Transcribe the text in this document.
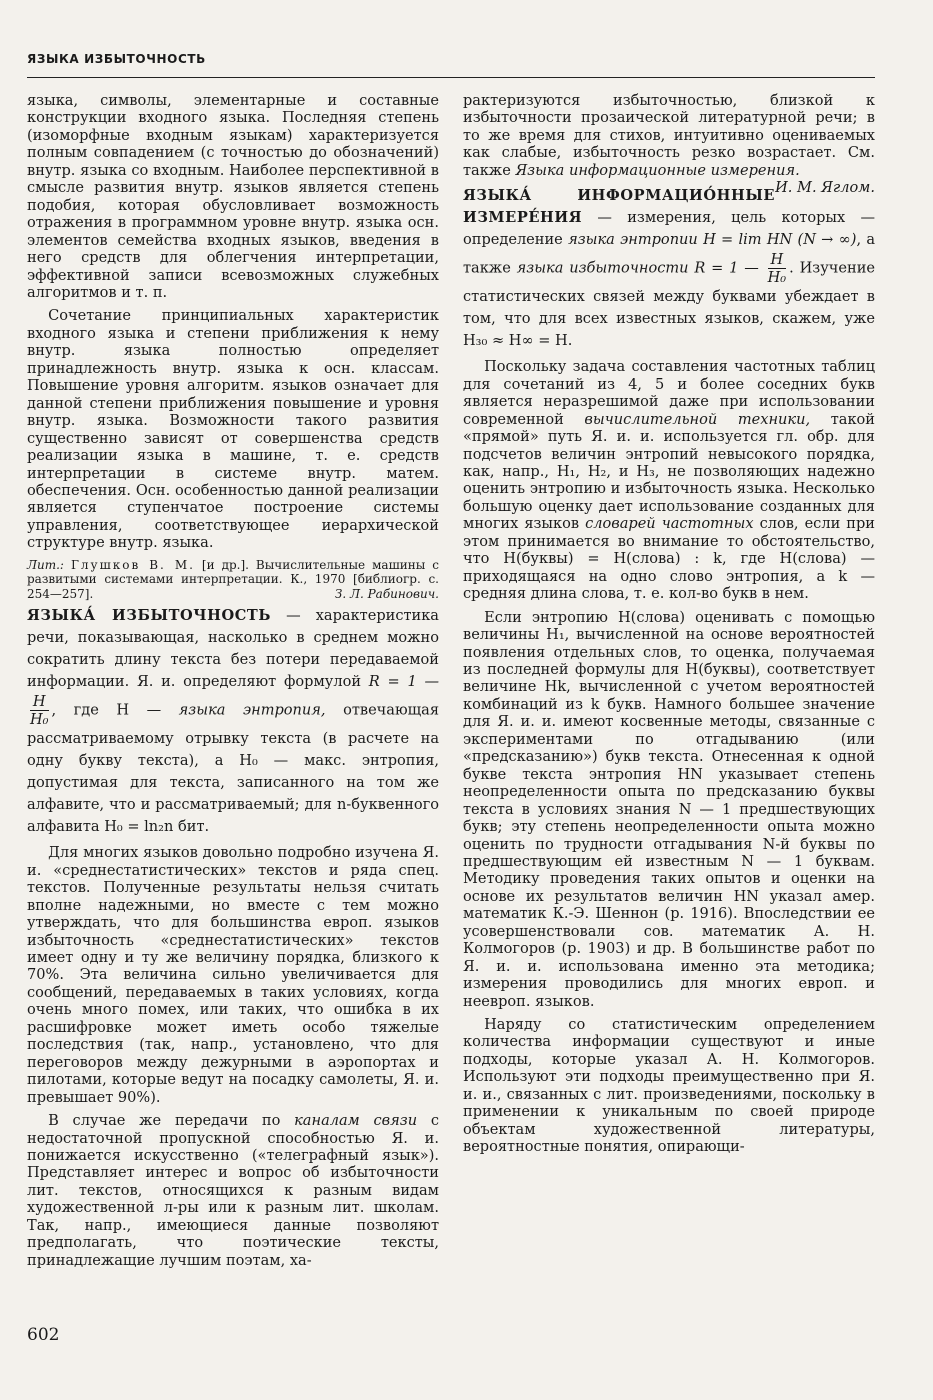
ЯЗЫКА ИЗБЫТОЧНОСТЬ

языка, символы, элементарные и составные конструкции входного языка. Последняя степень (изоморфные входным языкам) характеризуется полным совпадением (с точностью до обозначений) внутр. языка со входным. Наиболее перспективной в смысле развития внутр. языков является степень подобия, которая обусловливает возможность отражения в программном уровне внутр. языка осн. элементов семейства входных языков, введения в него средств для облегчения интерпретации, эффективной записи всевозможных служебных алгоритмов и т. п.

Сочетание принципиальных характеристик входного языка и степени приближения к нему внутр. языка полностью определяет принадлежность внутр. языка к осн. классам. Повышение уровня алгоритм. языков означает для данной степени приближения повышение и уровня внутр. языка. Возможности такого развития существенно зависят от совершенства средств реализации языка в машине, т. е. средств интерпретации в системе внутр. матем. обеспечения. Осн. особенностью данной реализации является ступенчатое построение системы управления, соответствующее иерархической структуре внутр. языка.

Лит.: Глушков В. М. [и др.]. Вычислительные машины с развитыми системами интерпретации. К., 1970 [библиогр. с. 254—257].	З. Л. Рабинович.

ЯЗЫКА́ ИЗБЫТОЧНОСТЬ — характеристика речи, показывающая, насколько в среднем можно сократить длину текста без потери передаваемой информации. Я. и. определяют формулой R = 1 —
$\frac{H}{\text{H₀}}$ , где H — языка энтропия, отвечающая рассматриваемому отрывку текста (в расчете на одну букву текста), а H₀ — макс. энтропия, допустимая для текста, записанного на том же алфавите, что и рассматриваемый; для n-буквенного алфавита H₀ = ln₂n бит.

Для многих языков довольно подробно изучена Я. и. «среднестатистических» текстов и ряда спец. текстов. Полученные результаты нельзя считать вполне надежными, но вместе с тем можно утверждать, что для большинства европ. языков избыточность «среднестатистических» текстов имеет одну и ту же величину порядка, близкого к 70%. Эта величина сильно увеличивается для сообщений, передаваемых в таких условиях, когда очень много помех, или таких, что ошибка в их расшифровке может иметь особо тяжелые последствия (так, напр., установлено, что для переговоров между дежурными в аэропортах и пилотами, которые ведут на посадку самолеты, Я. и. превышает 90%).

В случае же передачи по каналам связи с недостаточной пропускной способностью Я. и. понижается искусственно («телеграфный язык»). Представляет интерес и вопрос об избыточности лит. текстов, относящихся к разным видам художественной л-ры или к разным лит. школам. Так, напр., имеющиеся данные позволяют предполагать, что поэтические тексты, принадлежащие лучшим поэтам, ха-

рактеризуются избыточностью, близкой к избыточности прозаической литературной речи; в то же время для стихов, интуитивно оцениваемых как слабые, избыточность резко возрастает. См. также Языка информационные измерения.
И. М. Яглом.

ЯЗЫКА́ ИНФОРМАЦИО́ННЫЕ ИЗМЕРЕ́НИЯ — измерения, цель которых — определение языка энтропии H = lim HN (N → ∞), а также языка избыточности R = 1 — $\frac{H}{\text{H₀}}$ . Изучение статистических связей между буквами убеждает в том, что для всех известных языков, скажем, уже H₃₀ ≈ H∞ = H.

Поскольку задача составления частотных таблиц для сочетаний из 4, 5 и более соседних букв является неразрешимой даже при использовании современной вычислительной техники, такой «прямой» путь Я. и. и. используется гл. обр. для подсчетов величин энтропий невысокого порядка, как, напр., H₁, H₂, и H₃, не позволяющих надежно оценить энтропию и избыточность языка. Несколько большую оценку дает использование созданных для многих языков словарей частотных слов, если при этом принимается во внимание то обстоятельство, что H(буквы) = H(слова) : k, где H(слова) — приходящаяся на одно слово энтропия, а k — средняя длина слова, т. е. кол-во букв в нем.

Если энтропию H(слова) оценивать с помощью величины H₁, вычисленной на основе вероятностей появления отдельных слов, то оценка, получаемая из последней формулы для H(буквы), соответствует величине Hk, вычисленной с учетом вероятностей комбинаций из k букв. Намного большее значение для Я. и. и. имеют косвенные методы, связанные с экспериментами по отгадыванию (или «предсказанию») букв текста. Отнесенная к одной букве текста энтропия HN указывает степень неопределенности опыта по предсказанию буквы текста в условиях знания N — 1 предшествующих букв; эту степень неопределенности опыта можно оценить по трудности отгадывания N-й буквы по предшествующим ей известным N — 1 буквам. Методику проведения таких опытов и оценки на основе их результатов величин HN указал амер. математик К.-Э. Шеннон (р. 1916). Впоследствии ее усовершенствовали сов. математик А. Н. Колмогоров (р. 1903) и др. В большинстве работ по Я. и. и. использована именно эта методика; измерения проводились для многих европ. и неевроп. языков.

Наряду со статистическим определением количества информации существуют и иные подходы, которые указал А. Н. Колмогоров. Используют эти подходы преимущественно при Я. и. и., связанных с лит. произведениями, поскольку в применении к уникальным по своей природе объектам художественной литературы, вероятностные понятия, опирающи-

602
